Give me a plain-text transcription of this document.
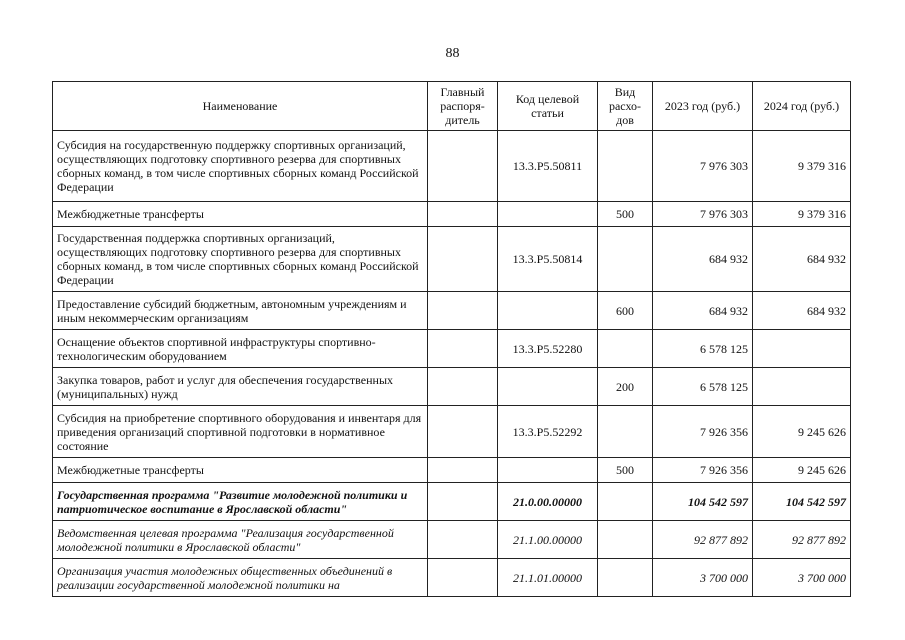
88
Наименование	Главный распоря-дитель	Код целевой статьи	Вид расхо-дов	2023 год (руб.)	2024 год (руб.)
Субсидия на государственную поддержку спортивных организаций, осуществляющих подготовку спортивного резерва для спортивных сборных команд, в том числе спортивных сборных команд Российской Федерации		13.3.P5.50811		7 976 303	9 379 316
Межбюджетные трансферты			500	7 976 303	9 379 316
Государственная поддержка спортивных организаций, осуществляющих подготовку спортивного резерва для спортивных сборных команд, в том числе спортивных сборных команд Российской Федерации		13.3.P5.50814		684 932	684 932
Предоставление субсидий бюджетным, автономным учреждениям и иным некоммерческим организациям			600	684 932	684 932
Оснащение объектов спортивной инфраструктуры спортивно-технологическим оборудованием		13.3.P5.52280		6 578 125	
Закупка товаров, работ и услуг для обеспечения государственных (муниципальных) нужд			200	6 578 125	
Субсидия на приобретение спортивного оборудования и инвентаря для приведения организаций спортивной подготовки в нормативное состояние		13.3.P5.52292		7 926 356	9 245 626
Межбюджетные трансферты			500	7 926 356	9 245 626
Государственная программа "Развитие молодежной политики и патриотическое воспитание в Ярославской области"		21.0.00.00000		104 542 597	104 542 597
Ведомственная целевая программа "Реализация государственной молодежной политики в Ярославской области"		21.1.00.00000		92 877 892	92 877 892
Организация участия молодежных общественных объединений в реализации государственной молодежной политики на		21.1.01.00000		3 700 000	3 700 000
